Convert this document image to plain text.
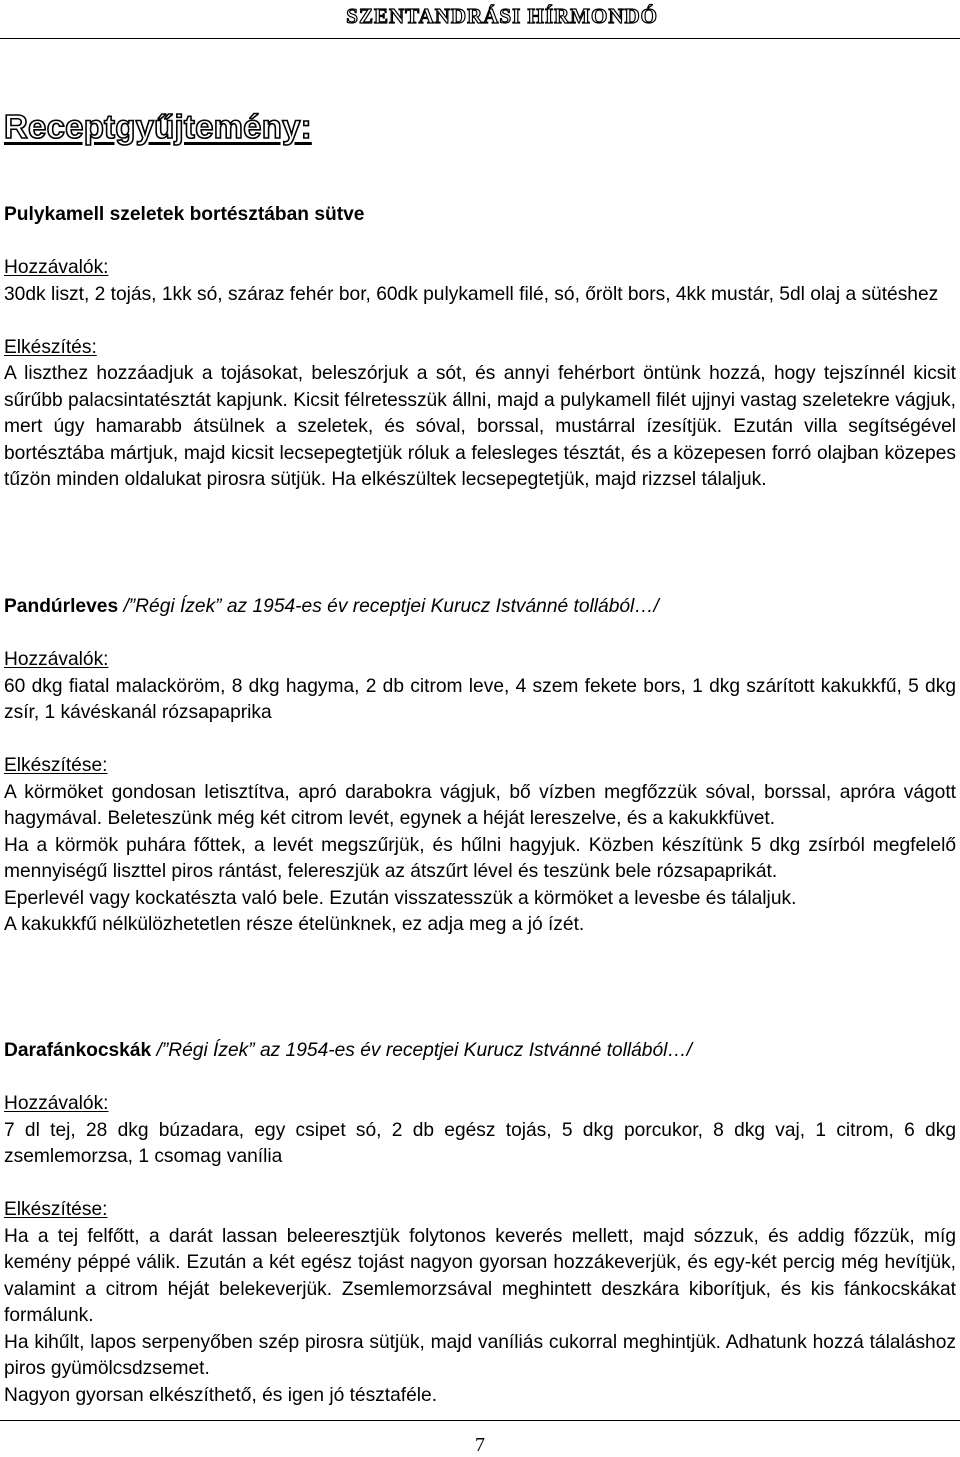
SZENTANDRÁSI HÍRMONDÓ
Receptgyűjtemény:

Pulykamell szeletek bortésztában sütve

Hozzávalók:

30dk liszt, 2 tojás, 1kk só, száraz fehér bor, 60dk pulykamell filé, só, őrölt bors, 4kk mustár, 5dl olaj a sütéshez

Elkészítés:

A liszthez hozzáadjuk a tojásokat, beleszórjuk a sót, és annyi fehérbort öntünk hozzá, hogy tejszínnél kicsit sűrűbb palacsintatésztát kapjunk. Kicsit félretesszük állni, majd a pulykamell filét ujjnyi vastag szeletekre vágjuk, mert úgy hamarabb átsülnek a szeletek, és sóval, borssal, mustárral ízesítjük. Ezután villa segítségével bortésztába mártjuk, majd kicsit lecsepegtetjük róluk a felesleges tésztát, és a közepesen forró olajban közepes tűzön minden oldalukat pirosra sütjük. Ha elkészültek lecsepegtetjük, majd rizzsel tálaljuk.

Pandúrleves /”Régi Ízek” az 1954-es év receptjei Kurucz Istvánné tollából…/

Hozzávalók:

60 dkg fiatal malacköröm, 8 dkg hagyma, 2 db citrom leve, 4 szem fekete bors, 1 dkg szárított kakukkfű, 5 dkg zsír, 1 kávéskanál rózsapaprika

Elkészítése:

A körmöket gondosan letisztítva, apró darabokra vágjuk, bő vízben megfőzzük sóval, borssal, apróra vágott hagymával. Beleteszünk még két citrom levét, egynek a héját lereszelve, és a kakukkfüvet.

Ha a körmök puhára főttek, a levét megszűrjük, és hűlni hagyjuk. Közben készítünk 5 dkg zsírból megfelelő mennyiségű liszttel piros rántást, felereszjük az átszűrt lével és teszünk bele rózsapaprikát.

Eperlevél vagy kockatészta való bele. Ezután visszatesszük a körmöket a levesbe és tálaljuk.

A kakukkfű nélkülözhetetlen része ételünknek, ez adja meg a jó ízét.

Darafánkocskák /”Régi Ízek” az 1954-es év receptjei Kurucz Istvánné tollából…/

Hozzávalók:

7 dl tej, 28 dkg búzadara, egy csipet só, 2 db egész tojás, 5 dkg porcukor, 8 dkg vaj, 1 citrom, 6 dkg zsemlemorzsa, 1 csomag vanília

Elkészítése:

Ha a tej felfőtt, a darát lassan beleeresztjük folytonos keverés mellett, majd sózzuk, és addig főzzük, míg kemény péppé válik. Ezután a két egész tojást nagyon gyorsan hozzákeverjük, és egy-két percig még hevítjük, valamint a citrom héját belekeverjük. Zsemlemorzsával meghintett deszkára kiborítjuk, és kis fánkocskákat formálunk.

Ha kihűlt, lapos serpenyőben szép pirosra sütjük, majd vaníliás cukorral meghintjük. Adhatunk hozzá tálaláshoz piros gyümölcsdzsemet.

Nagyon gyorsan elkészíthető, és igen jó tésztaféle.

7
